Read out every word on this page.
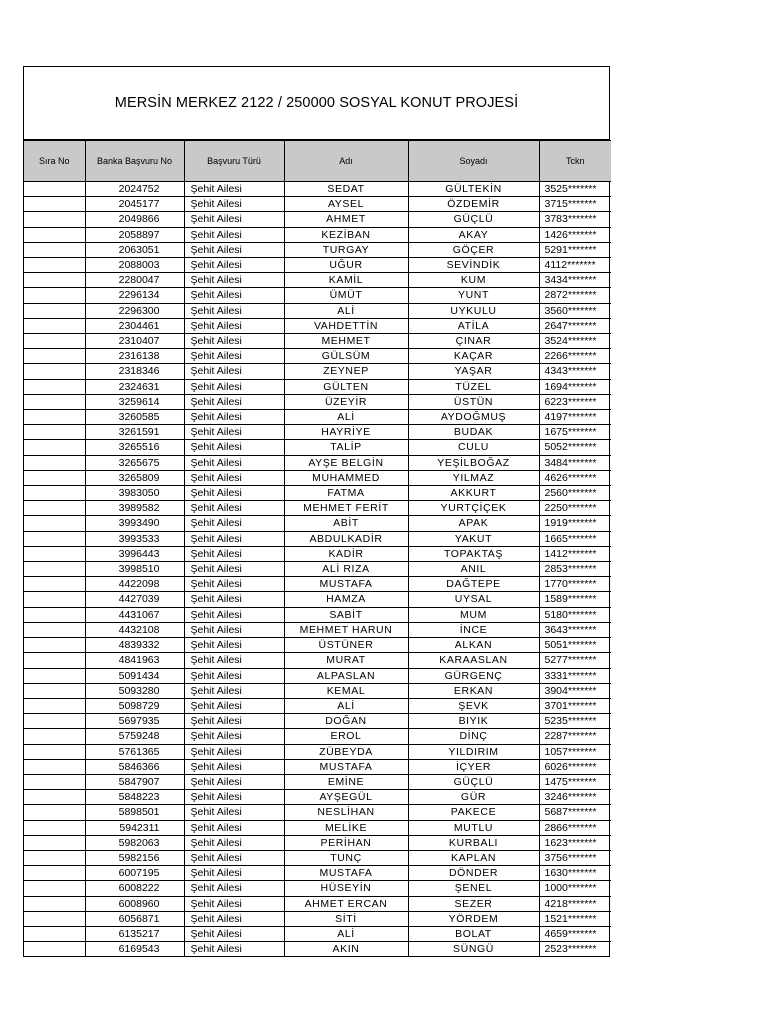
MERSİN MERKEZ 2122 / 250000 SOSYAL KONUT PROJESİ
Sıra No	Banka Başvuru No	Başvuru Türü	Adı	Soyadı	Tckn
	2024752	Şehit Ailesi	SEDAT	GÜLTEKİN	3525*******
	2045177	Şehit Ailesi	AYSEL	ÖZDEMİR	3715*******
	2049866	Şehit Ailesi	AHMET	GÜÇLÜ	3783*******
	2058897	Şehit Ailesi	KEZİBAN	AKAY	1426*******
	2063051	Şehit Ailesi	TURGAY	GÖÇER	5291*******
	2088003	Şehit Ailesi	UĞUR	SEVİNDİK	4112*******
	2280047	Şehit Ailesi	KAMİL	KUM	3434*******
	2296134	Şehit Ailesi	ÜMÜT	YUNT	2872*******
	2296300	Şehit Ailesi	ALİ	UYKULU	3560*******
	2304461	Şehit Ailesi	VAHDETTİN	ATİLA	2647*******
	2310407	Şehit Ailesi	MEHMET	ÇINAR	3524*******
	2316138	Şehit Ailesi	GÜLSÜM	KAÇAR	2266*******
	2318346	Şehit Ailesi	ZEYNEP	YAŞAR	4343*******
	2324631	Şehit Ailesi	GÜLTEN	TÜZEL	1694*******
	3259614	Şehit Ailesi	ÜZEYİR	ÜSTÜN	6223*******
	3260585	Şehit Ailesi	ALİ	AYDOĞMUŞ	4197*******
	3261591	Şehit Ailesi	HAYRİYE	BUDAK	1675*******
	3265516	Şehit Ailesi	TALİP	CULU	5052*******
	3265675	Şehit Ailesi	AYŞE BELGİN	YEŞİLBOĞAZ	3484*******
	3265809	Şehit Ailesi	MUHAMMED	YILMAZ	4626*******
	3983050	Şehit Ailesi	FATMA	AKKURT	2560*******
	3989582	Şehit Ailesi	MEHMET FERİT	YURTÇİÇEK	2250*******
	3993490	Şehit Ailesi	ABİT	APAK	1919*******
	3993533	Şehit Ailesi	ABDULKADİR	YAKUT	1665*******
	3996443	Şehit Ailesi	KADİR	TOPAKTAŞ	1412*******
	3998510	Şehit Ailesi	ALİ RIZA	ANIL	2853*******
	4422098	Şehit Ailesi	MUSTAFA	DAĞTEPE	1770*******
	4427039	Şehit Ailesi	HAMZA	UYSAL	1589*******
	4431067	Şehit Ailesi	SABİT	MUM	5180*******
	4432108	Şehit Ailesi	MEHMET HARUN	İNCE	3643*******
	4839332	Şehit Ailesi	ÜSTÜNER	ALKAN	5051*******
	4841963	Şehit Ailesi	MURAT	KARAASLAN	5277*******
	5091434	Şehit Ailesi	ALPASLAN	GÜRGENÇ	3331*******
	5093280	Şehit Ailesi	KEMAL	ERKAN	3904*******
	5098729	Şehit Ailesi	ALİ	ŞEVK	3701*******
	5697935	Şehit Ailesi	DOĞAN	BIYIK	5235*******
	5759248	Şehit Ailesi	EROL	DİNÇ	2287*******
	5761365	Şehit Ailesi	ZÜBEYDA	YILDIRIM	1057*******
	5846366	Şehit Ailesi	MUSTAFA	İÇYER	6026*******
	5847907	Şehit Ailesi	EMİNE	GÜÇLÜ	1475*******
	5848223	Şehit Ailesi	AYŞEGÜL	GÜR	3246*******
	5898501	Şehit Ailesi	NESLİHAN	PAKECE	5687*******
	5942311	Şehit Ailesi	MELİKE	MUTLU	2866*******
	5982063	Şehit Ailesi	PERİHAN	KURBALI	1623*******
	5982156	Şehit Ailesi	TUNÇ	KAPLAN	3756*******
	6007195	Şehit Ailesi	MUSTAFA	DÖNDER	1630*******
	6008222	Şehit Ailesi	HÜSEYİN	ŞENEL	1000*******
	6008960	Şehit Ailesi	AHMET ERCAN	SEZER	4218*******
	6056871	Şehit Ailesi	SİTİ	YÖRDEM	1521*******
	6135217	Şehit Ailesi	ALİ	BOLAT	4659*******
	6169543	Şehit Ailesi	AKIN	SÜNGÜ	2523*******
